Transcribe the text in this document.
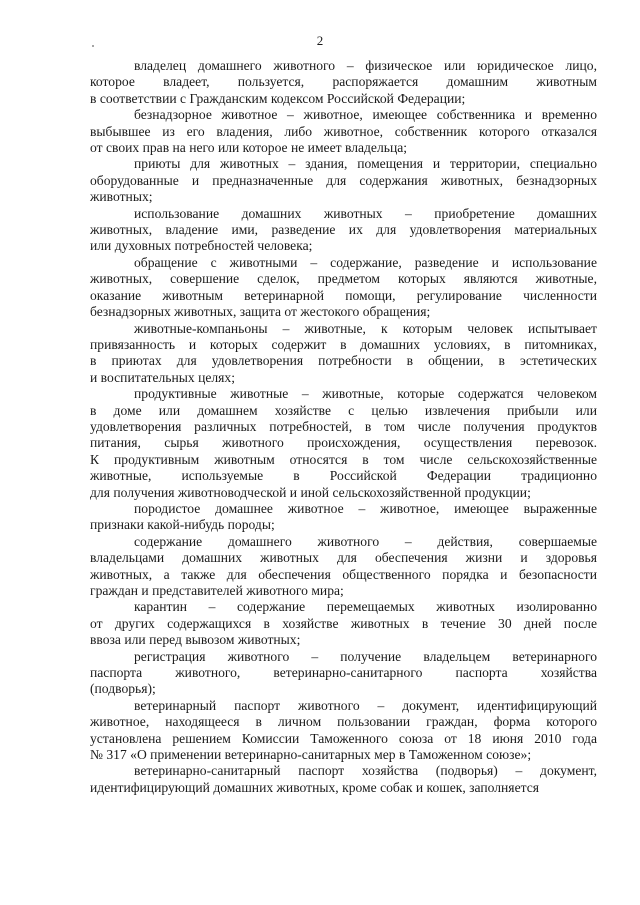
2

владелец домашнего животного – физическое или юридическое лицо,
которое владеет, пользуется, распоряжается домашним животным
в соответствии с Гражданским кодексом Российской Федерации;

безнадзорное животное – животное, имеющее собственника и временно
выбывшее из его владения, либо животное, собственник которого отказался
от своих прав на него или которое не имеет владельца;

приюты для животных – здания, помещения и территории, специально
оборудованные и предназначенные для содержания животных, безнадзорных
животных;

использование домашних животных – приобретение домашних
животных, владение ими, разведение их для удовлетворения материальных
или духовных потребностей человека;

обращение с животными – содержание, разведение и использование
животных, совершение сделок, предметом которых являются животные,
оказание животным ветеринарной помощи, регулирование численности
безнадзорных животных, защита от жестокого обращения;

животные-компаньоны – животные, к которым человек испытывает
привязанность и которых содержит в домашних условиях, в питомниках,
в приютах для удовлетворения потребности в общении, в эстетических
и воспитательных целях;

продуктивные животные – животные, которые содержатся человеком
в доме или домашнем хозяйстве с целью извлечения прибыли или
удовлетворения различных потребностей, в том числе получения продуктов
питания, сырья животного происхождения, осуществления перевозок.
К продуктивным животным относятся в том числе сельскохозяйственные
животные, используемые в Российской Федерации традиционно
для получения животноводческой и иной сельскохозяйственной продукции;

породистое домашнее животное – животное, имеющее выраженные
признаки какой-нибудь породы;

содержание домашнего животного – действия, совершаемые
владельцами домашних животных для обеспечения жизни и здоровья
животных, а также для обеспечения общественного порядка и безопасности
граждан и представителей животного мира;

карантин – содержание перемещаемых животных изолированно
от других содержащихся в хозяйстве животных в течение 30 дней после
ввоза или перед вывозом животных;

регистрация животного – получение владельцем ветеринарного
паспорта животного, ветеринарно-санитарного паспорта хозяйства
(подворья);

ветеринарный паспорт животного – документ, идентифицирующий
животное, находящееся в личном пользовании граждан, форма которого
установлена решением Комиссии Таможенного союза от 18 июня 2010 года
№ 317 «О применении ветеринарно-санитарных мер в Таможенном союзе»;

ветеринарно-санитарный паспорт хозяйства (подворья) – документ,
идентифицирующий домашних животных, кроме собак и кошек, заполняется
